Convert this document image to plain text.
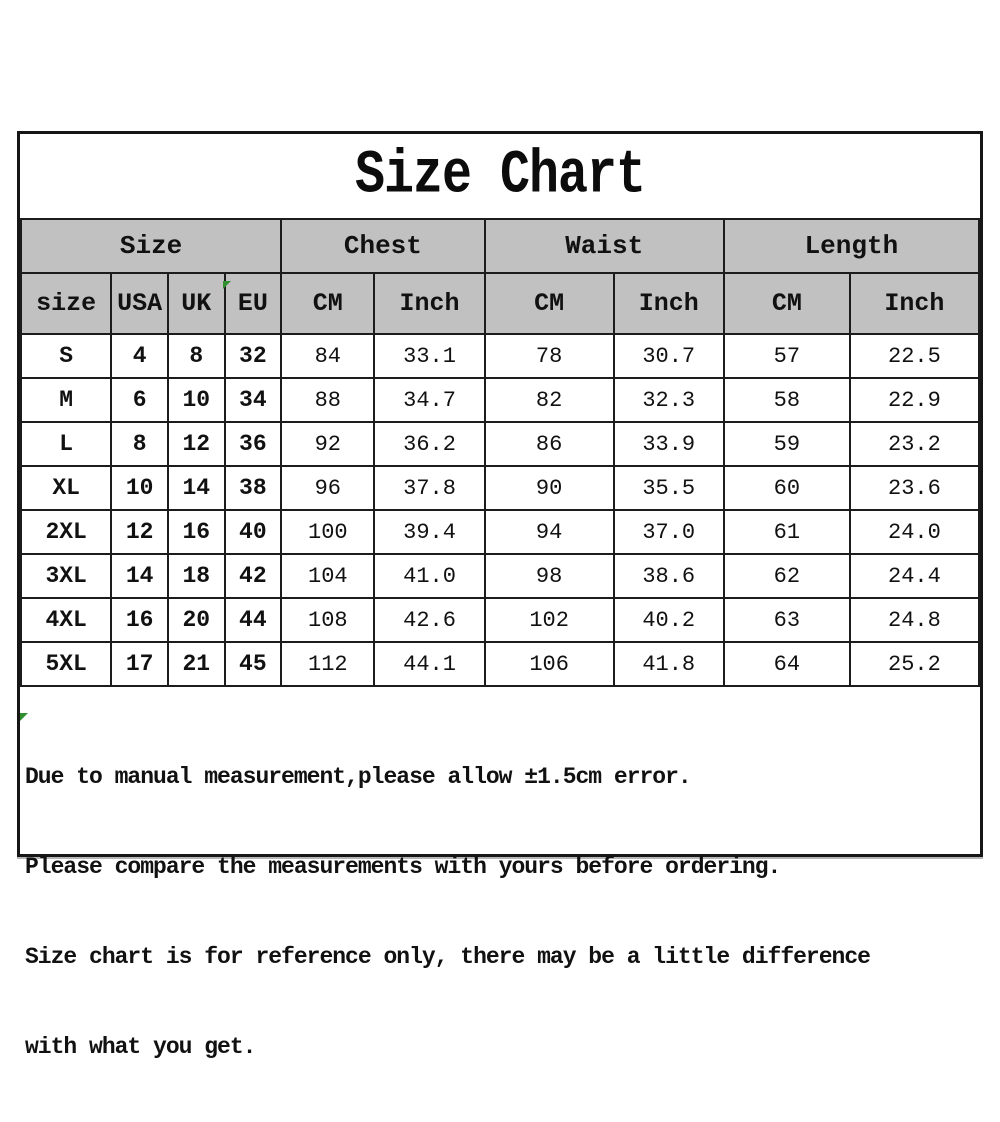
Size Chart
Size				Chest		Waist		Length	
size	USA	UK	EU	CM	Inch	CM	Inch	CM	Inch
S	4	8	32	84	33.1	78	30.7	57	22.5
M	6	10	34	88	34.7	82	32.3	58	22.9
L	8	12	36	92	36.2	86	33.9	59	23.2
XL	10	14	38	96	37.8	90	35.5	60	23.6
2XL	12	16	40	100	39.4	94	37.0	61	24.0
3XL	14	18	42	104	41.0	98	38.6	62	24.4
4XL	16	20	44	108	42.6	102	40.2	63	24.8
5XL	17	21	45	112	44.1	106	41.8	64	25.2

Due to manual measurement,please allow ±1.5cm error.

Please compare the measurements with yours before ordering.

Size chart is for reference only, there may be a little difference

with what you get.
